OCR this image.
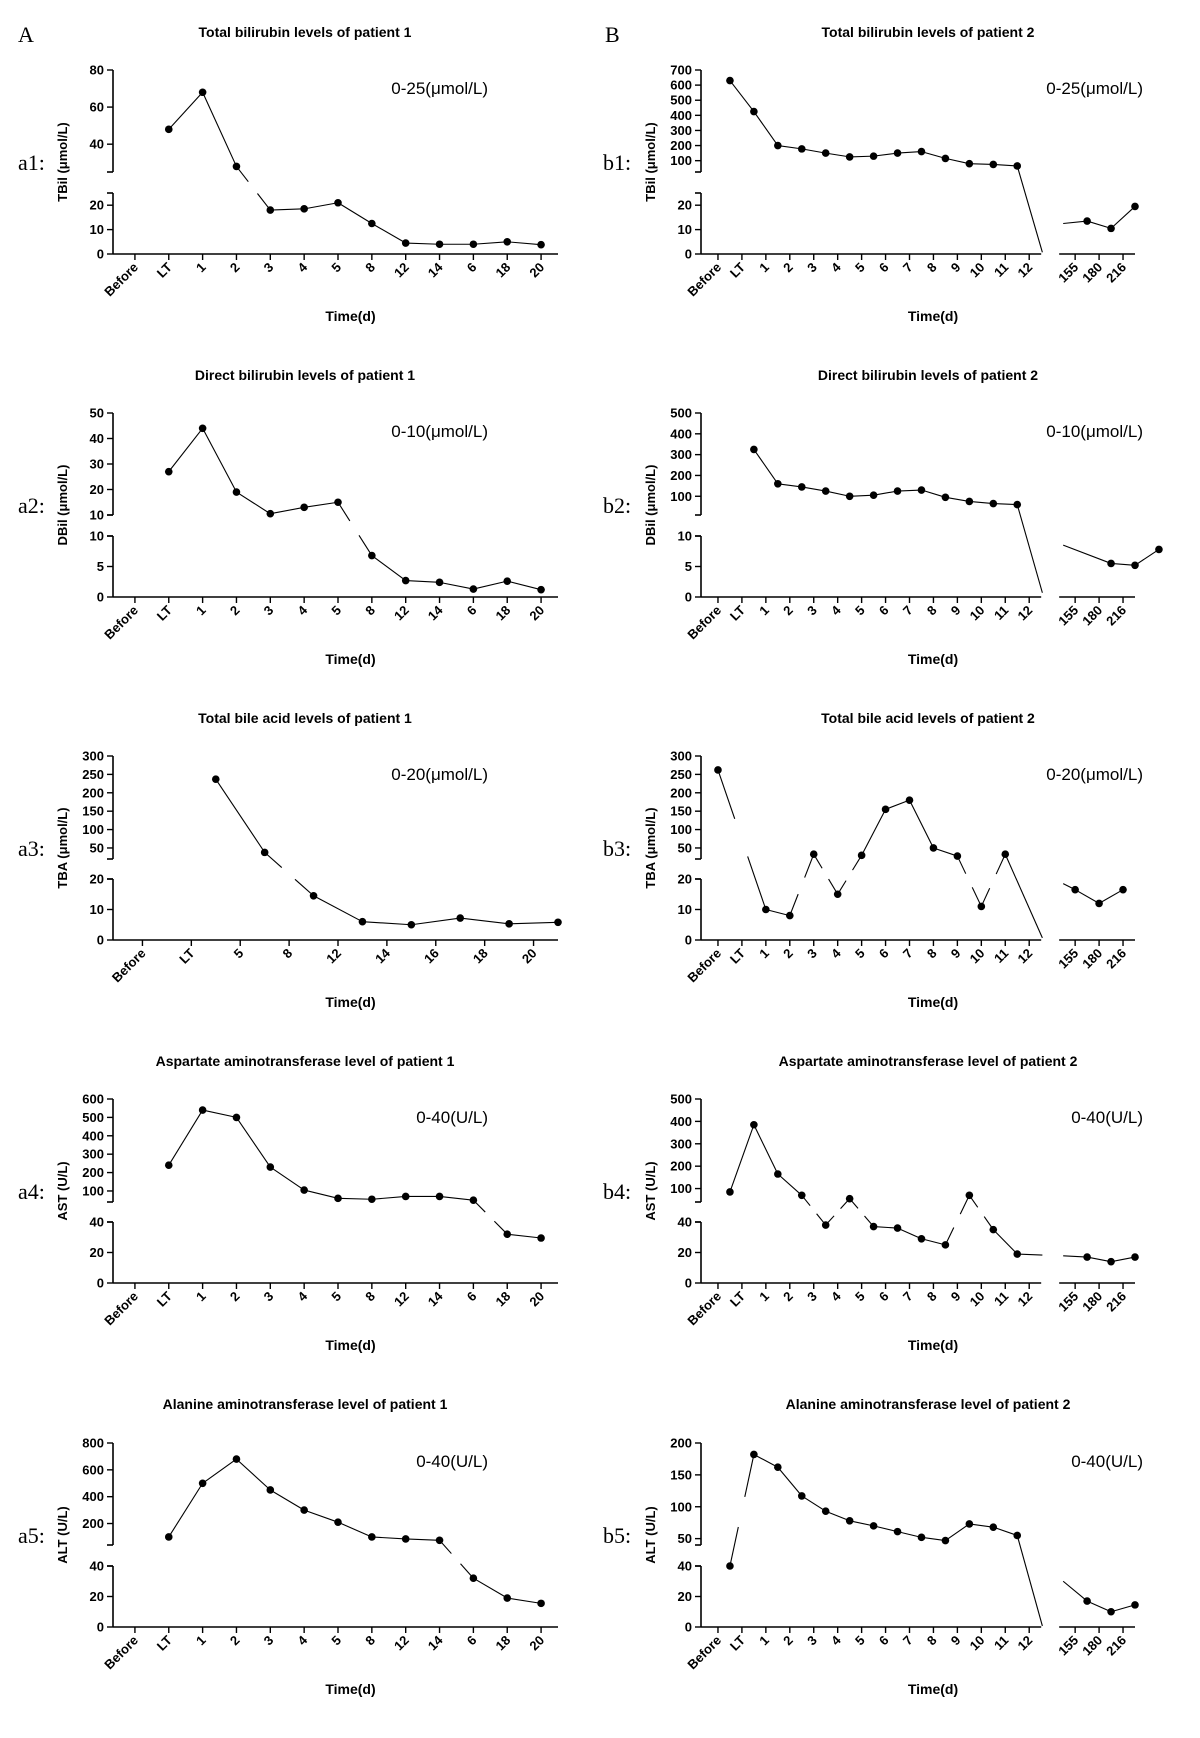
A	B
Total bilirubin levels of patient 1
0-25(μmol/L)
a1:
0
10
20
40
60
80
TBil (μmol/L)
Before LT 1 2 3 4 5 8 12 14 6 18 20
Time(d)
Total bilirubin levels of patient 2
0-25(μmol/L)
b1:
0
10
20
100
200
300
400
500
600
700
TBil (μmol/L)
Before LT 1 2 3 4 5 6 7 8 9 10 11 12 155
180
216
Time(d)
Direct bilirubin levels of patient 1
0-10(μmol/L)
a2:
0
5
10
10
20
30
40
50
DBil (μmol/L)
Before LT 1 2 3 4 5 8 12 14 6 18 20
Time(d)
Direct bilirubin levels of patient 2
0-10(μmol/L)
b2:
0
5
10
100
200
300
400
500
DBil (μmol/L)
Before LT 1 2 3 4 5 6 7 8 9 10 11 12 155
180
216
Time(d)
Total bile acid levels of patient 1
0-20(μmol/L)
a3:
0
10
20
50
100
150
200
250
300
TBA (μmol/L)
Before LT	5	8 12 14 16 18 20
Time(d)
Total bile acid levels of patient 2
0-20(μmol/L)
b3:
0
10
20
50
100
150
200
250
300
TBA (μmol/L)
Before LT 1 2 3 4 5 6 7 8 9 10 11 12 155
180
216
Time(d)
Aspartate aminotransferase level of patient 1
0-40(U/L)
a4:
0
20
40
100
200
300
400
500
600
AST (U/L)
Before LT 1 2 3 4 5 8 12 14 6 18 20
Time(d)
Aspartate aminotransferase level of patient 2
0-40(U/L)
b4:
0
20
40
100
200
300
400
500
AST (U/L)
Before LT 1 2 3 4 5 6 7 8 9 10 11 12 155
180
216
Time(d)
Alanine aminotransferase level of patient 1
0-40(U/L)
a5:
0
20
40
200
400
600
800
ALT (U/L)
Before LT 1 2 3 4 5 8 12 14 6 18 20
Time(d)
Alanine aminotransferase level of patient 2
0-40(U/L)
b5:
0
20
40
50
100
150
200
ALT (U/L)
Before LT 1 2 3 4 5 6 7 8 9 10 11 12 155
180
216
Time(d)
